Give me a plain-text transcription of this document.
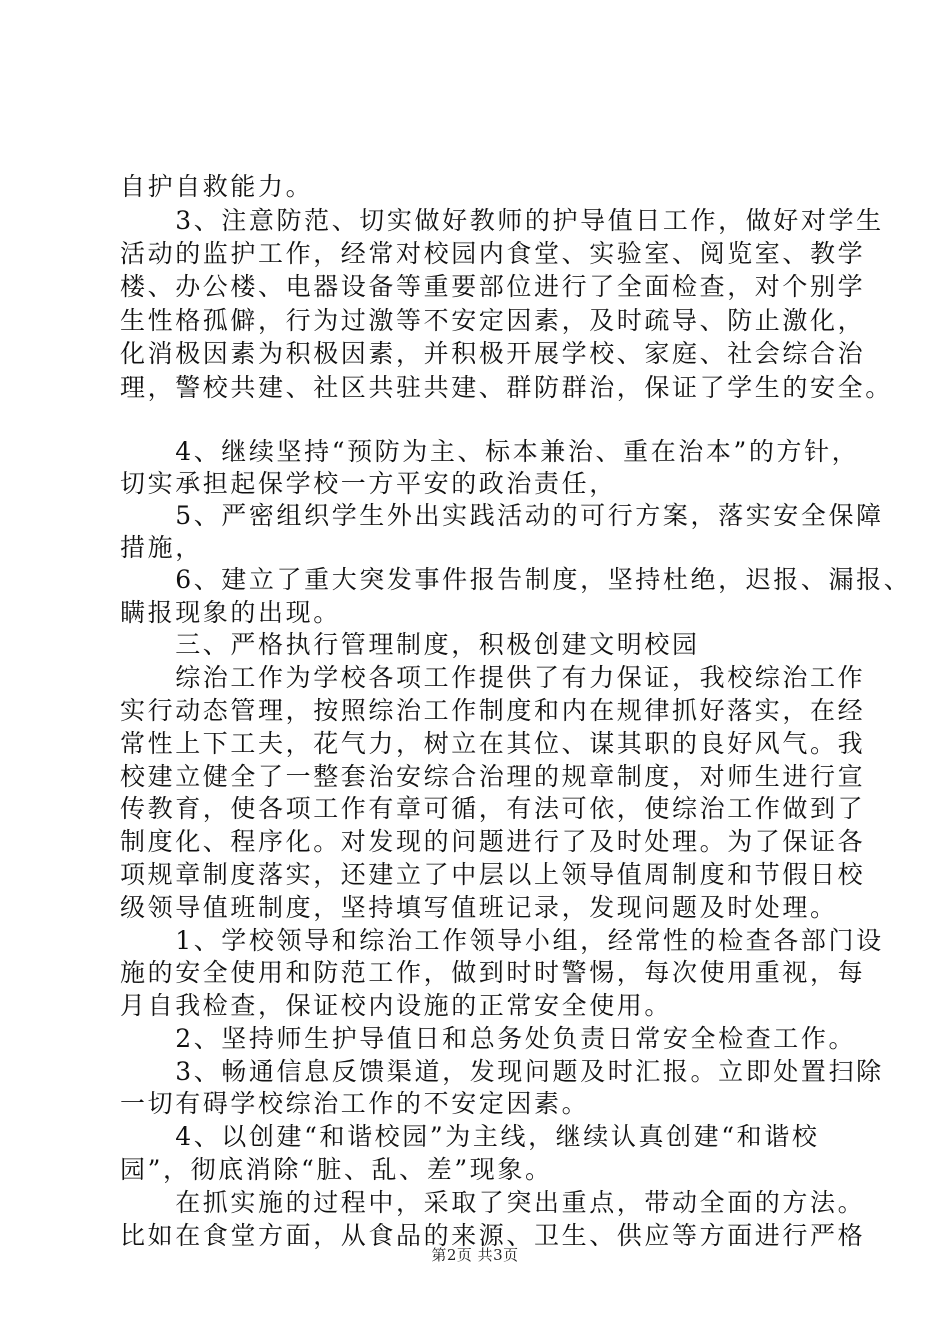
自护自救能力。
　　3、注意防范、切实做好教师的护导值日工作，做好对学生
活动的监护工作，经常对校园内食堂、实验室、阅览室、教学
楼、办公楼、电器设备等重要部位进行了全面检查，对个别学
生性格孤僻，行为过激等不安定因素，及时疏导、防止激化，
化消极因素为积极因素，并积极开展学校、家庭、社会综合治
理，警校共建、社区共驻共建、群防群治，保证了学生的安全。
　　4、继续坚持“预防为主、标本兼治、重在治本”的方针，
切实承担起保学校一方平安的政治责任，
　　5、严密组织学生外出实践活动的可行方案，落实安全保障
措施，
　　6、建立了重大突发事件报告制度，坚持杜绝，迟报、漏报、
瞒报现象的出现。
　　三、严格执行管理制度，积极创建文明校园
　　综治工作为学校各项工作提供了有力保证，我校综治工作
实行动态管理，按照综治工作制度和内在规律抓好落实，在经
常性上下工夫，花气力，树立在其位、谋其职的良好风气。我
校建立健全了一整套治安综合治理的规章制度，对师生进行宣
传教育，使各项工作有章可循，有法可依，使综治工作做到了
制度化、程序化。对发现的问题进行了及时处理。为了保证各
项规章制度落实，还建立了中层以上领导值周制度和节假日校
级领导值班制度，坚持填写值班记录，发现问题及时处理。
　　1、学校领导和综治工作领导小组，经常性的检查各部门设
施的安全使用和防范工作，做到时时警惕，每次使用重视，每
月自我检查，保证校内设施的正常安全使用。
　　2、坚持师生护导值日和总务处负责日常安全检查工作。
　　3、畅通信息反馈渠道，发现问题及时汇报。立即处置扫除
一切有碍学校综治工作的不安定因素。
　　4、以创建“和谐校园”为主线，继续认真创建“和谐校
园”，彻底消除“脏、乱、差”现象。
　　在抓实施的过程中，采取了突出重点，带动全面的方法。
比如在食堂方面，从食品的来源、卫生、供应等方面进行严格
第2页 共3页
